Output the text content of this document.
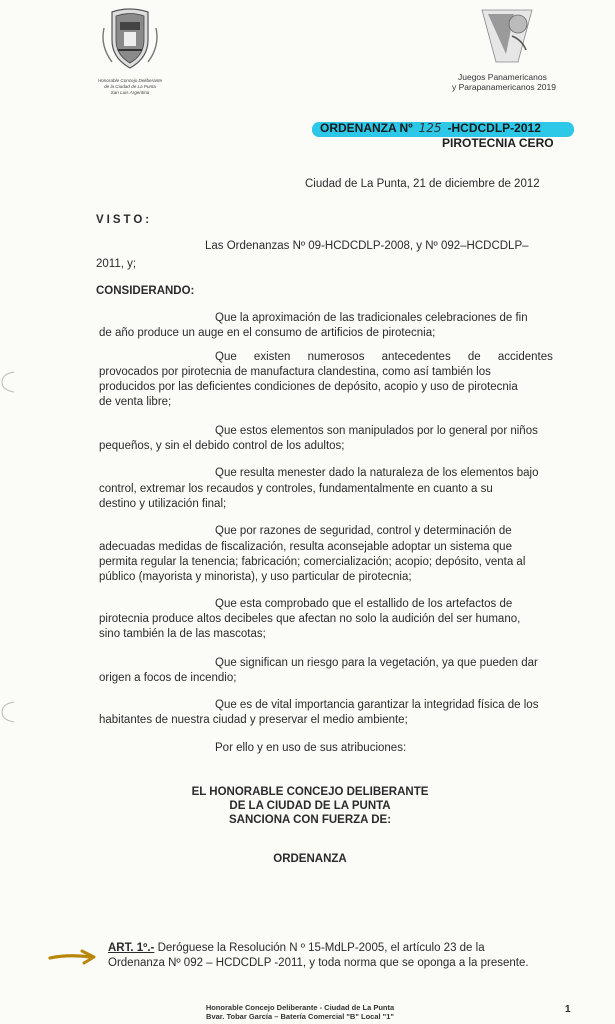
Honorable Concejo Deliberante
de la Ciudad de La Punta
San Luis Argentina
Juegos Panamericanos
y Parapanamericanos 2019
ORDENANZA Nº 125 -HCDCDLP-2012
PIROTECNIA CERO
Ciudad de La Punta, 21 de diciembre de 2012
VISTO:
Las Ordenanzas Nº 09-HCDCDLP-2008, y Nº 092–HCDCDLP–
2011, y;
CONSIDERANDO:
Que la aproximación de las tradicionales celebraciones de fin
de año produce un auge en el consumo de artificios de pirotecnia;
Que existen numerosos antecedentes de accidentes
provocados por pirotecnia de manufactura clandestina, como así también los
producidos por las deficientes condiciones de depósito, acopio y uso de pirotecnia
de venta libre;
Que estos elementos son manipulados por lo general por niños
pequeños, y sin el debido control de los adultos;
Que resulta menester dado la naturaleza de los elementos bajo
control, extremar los recaudos y controles, fundamentalmente en cuanto a su
destino y utilización final;
Que por razones de seguridad, control y determinación de
adecuadas medidas de fiscalización, resulta aconsejable adoptar un sistema que
permita regular la tenencia; fabricación; comercialización; acopio; depósito, venta al
público (mayorista y minorista), y uso particular de pirotecnia;
Que esta comprobado que el estallido de los artefactos de
pirotecnia produce altos decibeles que afectan no solo la audición del ser humano,
sino también la de las mascotas;
Que significan un riesgo para la vegetación, ya que pueden dar
origen a focos de incendio;
Que es de vital importancia garantizar la integridad física de los
habitantes de nuestra ciudad y preservar el medio ambiente;
Por ello y en uso de sus atribuciones:
EL HONORABLE CONCEJO DELIBERANTE
DE LA CIUDAD DE LA PUNTA
SANCIONA CON FUERZA DE:
ORDENANZA
ART. 1º.- Deróguese la Resolución N º 15-MdLP-2005, el artículo 23 de la
Ordenanza Nº 092 – HCDCDLP -2011, y toda norma que se oponga a la presente.
Honorable Concejo Deliberante - Ciudad de La Punta
Bvar. Tobar García – Batería Comercial "B" Local "1"
1
